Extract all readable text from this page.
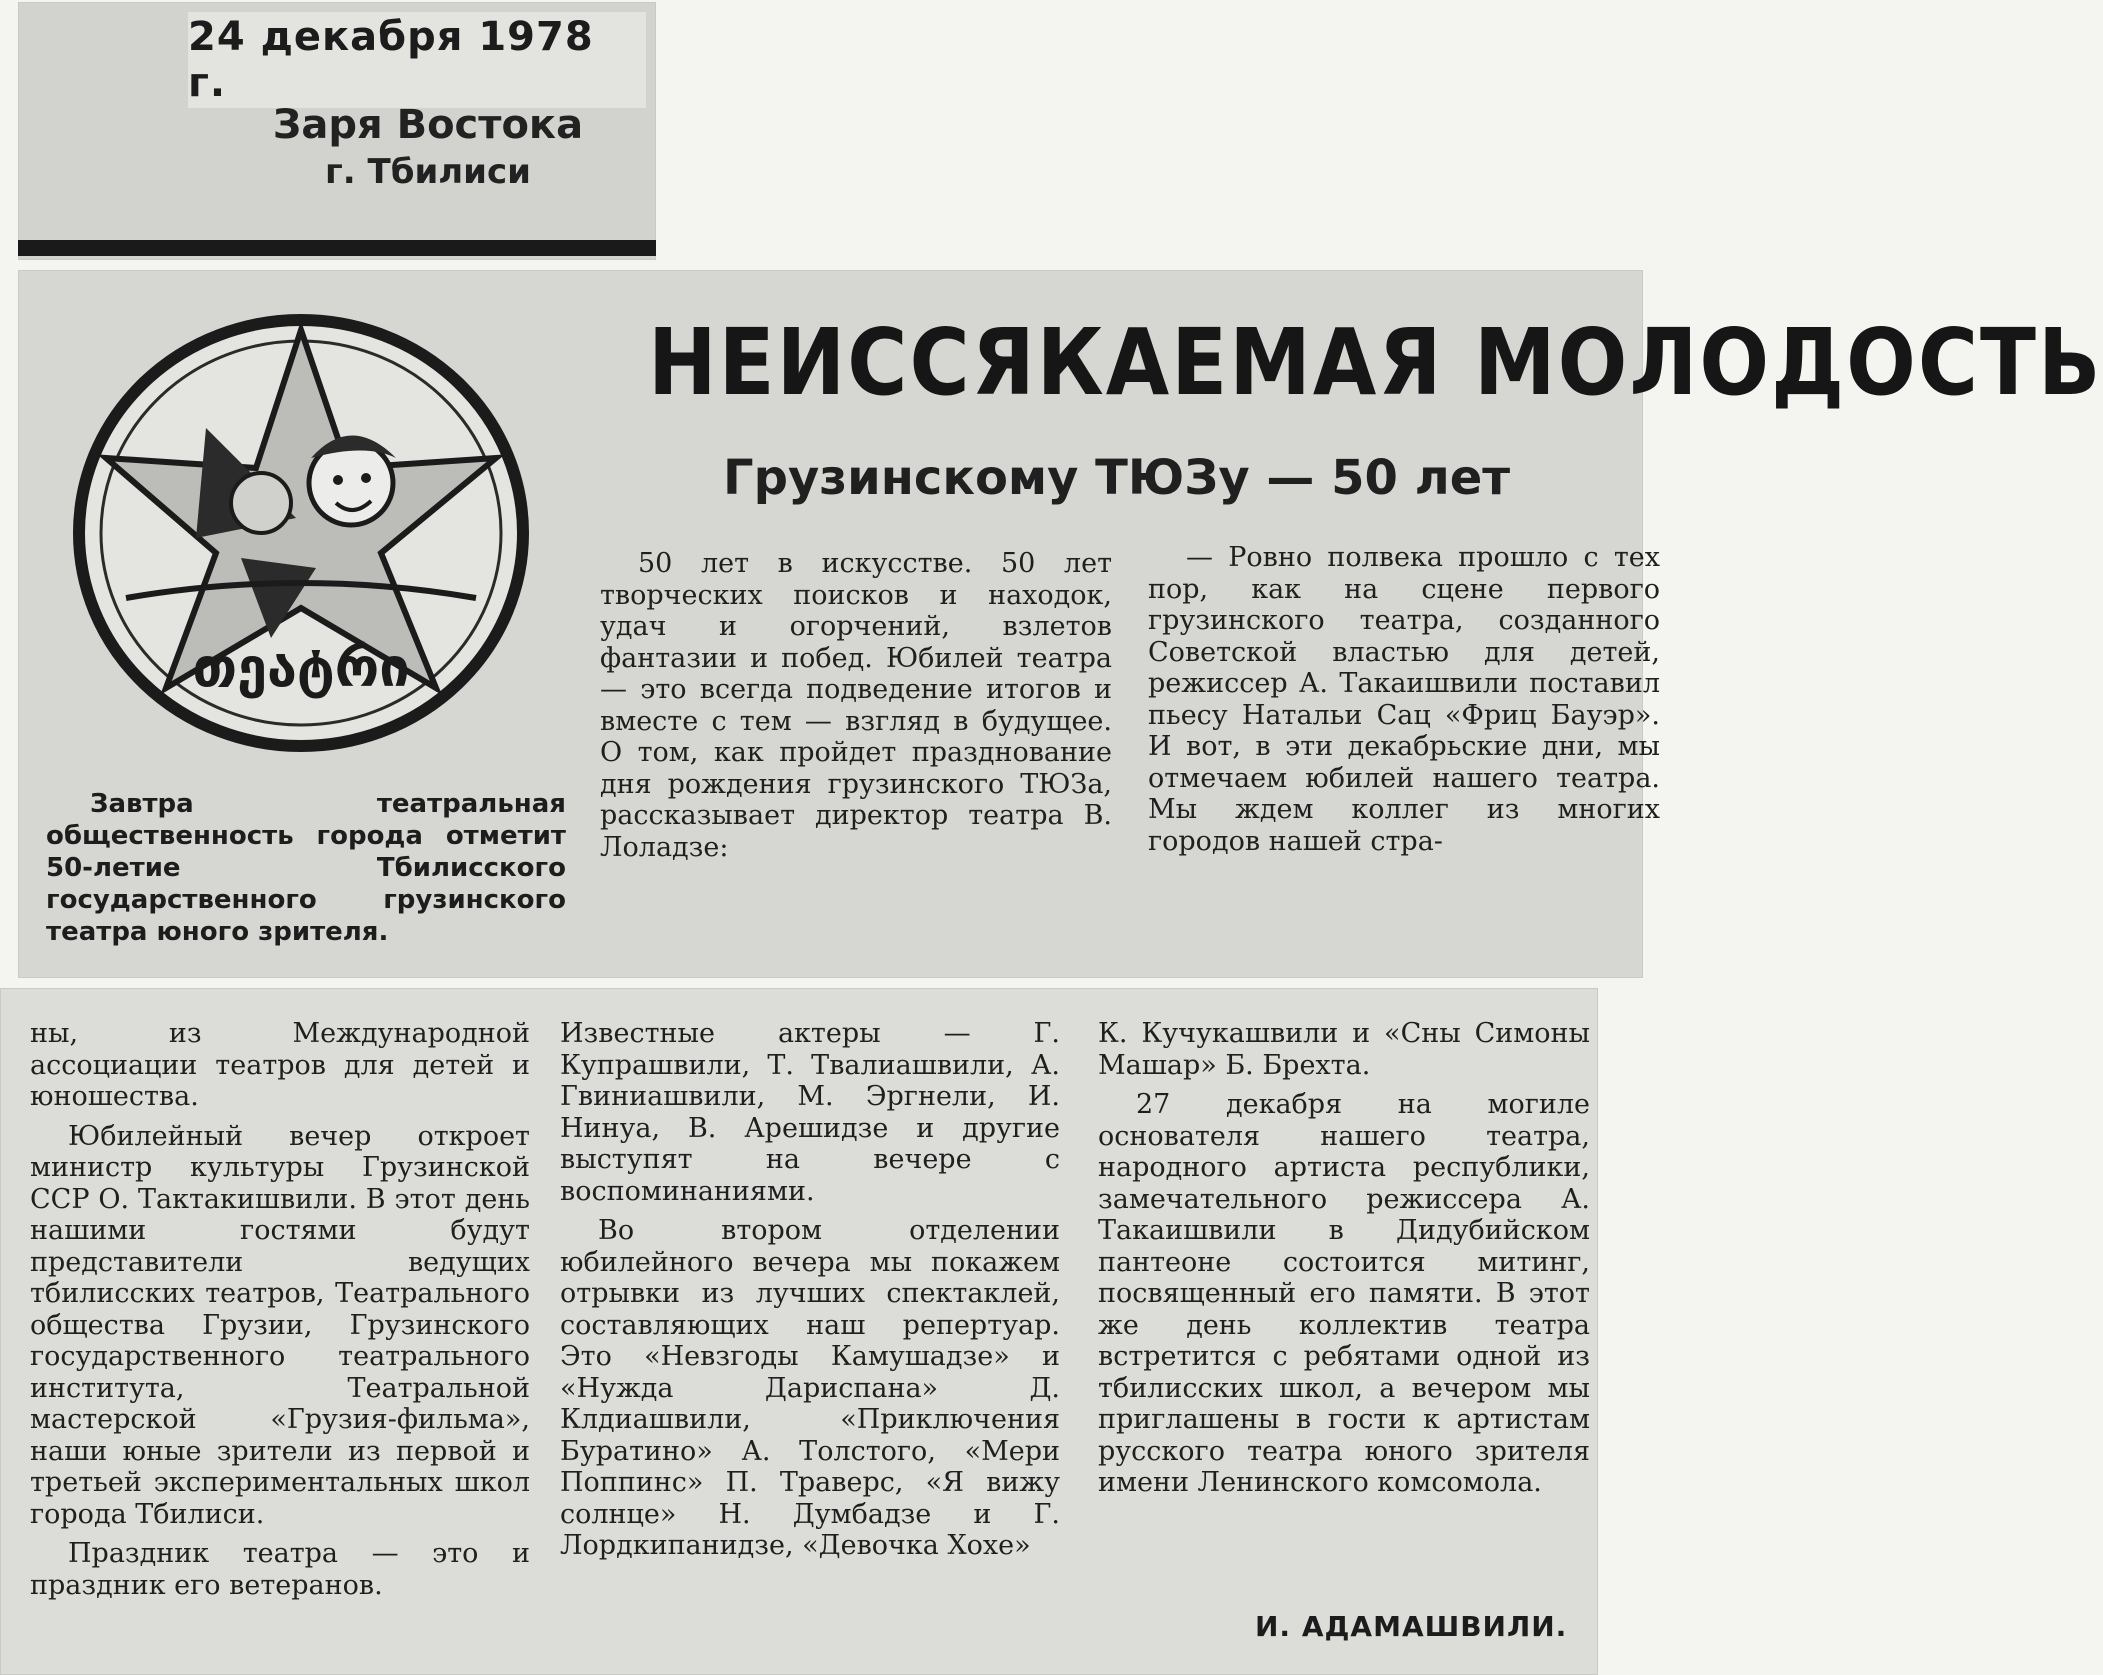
24 декабря 1978 г.
Заря Востока
г. Тбилиси
НЕИССЯКАЕМАЯ МОЛОДОСТЬ
Грузинскому ТЮЗу — 50 лет
თეატრი

Завтра театральная общественность города отметит 50-летие Тбилисского государственного грузинского театра юного зрителя.

50 лет в искусстве. 50 лет творческих поисков и находок, удач и огорчений, взлетов фантазии и побед. Юбилей театра — это всегда подведение итогов и вместе с тем — взгляд в будущее. О том, как пройдет празднование дня рождения грузинского ТЮЗа, рассказывает директор театра В. Лоладзе:

— Ровно полвека прошло с тех пор, как на сцене первого грузинского театра, созданного Советской властью для детей, режиссер А. Такаишвили поставил пьесу Натальи Сац «Фриц Бауэр». И вот, в эти декабрьские дни, мы отмечаем юбилей нашего театра. Мы ждем коллег из многих городов нашей стра-

ны, из Международной ассоциации театров для детей и юношества.

Юбилейный вечер откроет министр культуры Грузинской ССР О. Тактакишвили. В этот день нашими гостями будут представители ведущих тбилисских театров, Театрального общества Грузии, Грузинского государственного театрального института, Театральной мастерской «Грузия-фильма», наши юные зрители из первой и третьей экспериментальных школ города Тбилиси.

Праздник театра — это и праздник его ветеранов.

Известные актеры — Г. Купрашвили, Т. Твалиашвили, А. Гвиниашвили, М. Эргнели, И. Нинуа, В. Арешидзе и другие выступят на вечере с воспоминаниями.

Во втором отделении юбилейного вечера мы покажем отрывки из лучших спектаклей, составляющих наш репертуар. Это «Невзгоды Камушадзе» и «Нужда Дариспана» Д. Клдиашвили, «Приключения Буратино» А. Толстого, «Мери Поппинс» П. Траверс, «Я вижу солнце» Н. Думбадзе и Г. Лордкипанидзе, «Девочка Хохе»

К. Кучукашвили и «Сны Симоны Машар» Б. Брехта.

27 декабря на могиле основателя нашего театра, народного артиста республики, замечательного режиссера А. Такаишвили в Дидубийском пантеоне состоится митинг, посвященный его памяти. В этот же день коллектив театра встретится с ребятами одной из тбилисских школ, а вечером мы приглашены в гости к артистам русского театра юного зрителя имени Ленинского комсомола.

И. АДАМАШВИЛИ.
